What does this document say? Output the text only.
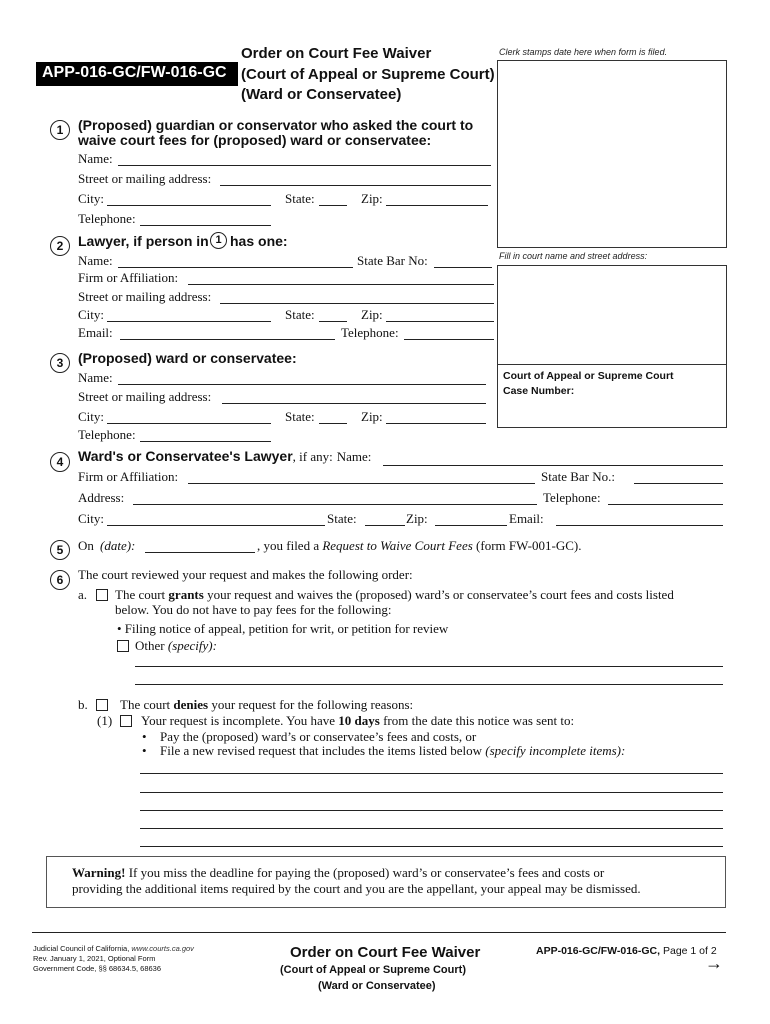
APP-016-GC/FW-016-GC
Order on Court Fee Waiver
(Court of Appeal or Supreme Court)
(Ward or Conservatee)
Clerk stamps date here when form is filed.
Fill in court name and street address:
Court of Appeal or Supreme Court
Case Number:
1	(Proposed) guardian or conservator who asked the court to
waive court fees for (proposed) ward or conservatee:
Name:
Street or mailing address:
City:	State:	Zip:
Telephone:
2	Lawyer, if person in 1 has one:
Name:	State Bar No:
Firm or Affiliation:
Street or mailing address:
City:	State:	Zip:
Email:	Telephone:
3	(Proposed) ward or conservatee:
Name:
Street or mailing address:
City:	State:	Zip:
Telephone:
4	Ward's or Conservatee's Lawyer, if any: Name:
Firm or Affiliation:	State Bar No.:
Address:	Telephone:
City:	State:	Zip:	Email:
5	On (date):	, you filed a Request to Waive Court Fees (form FW-001-GC).
6	The court reviewed your request and makes the following order:
a. The court grants your request and waives the (proposed) ward’s or conservatee’s court fees and costs listed
below. You do not have to pay fees for the following:
• Filing notice of appeal, petition for writ, or petition for review
Other (specify):
b. The court denies your request for the following reasons:
(1) Your request is incomplete. You have 10 days from the date this notice was sent to:
• Pay the (proposed) ward’s or conservatee’s fees and costs, or
• File a new revised request that includes the items listed below (specify incomplete items):
Warning! If you miss the deadline for paying the (proposed) ward’s or conservatee’s fees and costs or
providing the additional items required by the court and you are the appellant, your appeal may be dismissed.
Judicial Council of California, www.courts.ca.gov
Rev. January 1, 2021, Optional Form
Government Code, §§ 68634.5, 68636
Order on Court Fee Waiver
(Court of Appeal or Supreme Court)
(Ward or Conservatee)
APP-016-GC/FW-016-GC, Page 1 of 2
→
